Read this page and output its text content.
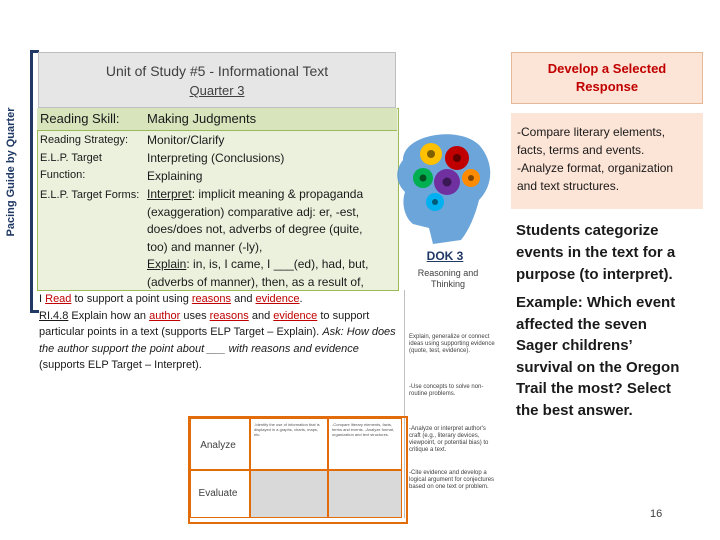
Pacing Guide by Quarter
Unit of Study #5 - Informational Text
Quarter 3
Develop a Selected
Response
Reading Skill: Making Judgments
Reading Strategy: Monitor/Clarify
E.L.P. Target
Function:
Interpreting (Conclusions)
Explaining
E.L.P. Target Forms: Interpret: implicit meaning & propaganda
(exaggeration) comparative adj: er, -est,
does/does not, adverbs of degree (quite,
too) and manner (-ly),
Explain: in, is, I came, I ___(ed), had, but,
(adverbs of manner), then, as a result of,
I Read to support a point using reasons and evidence.
RI.4.8 Explain how an author uses reasons and evidence to support
particular points in a text (supports ELP Target – Explain). Ask: How does
the author support the point about ___ with reasons and evidence
(supports ELP Target – Interpret).
DOK 3
Reasoning and
Thinking
Explain, generalize or connect ideas using supporting evidence (quote, test, evidence).
-Use concepts to solve non-routine problems.
-Analyze or interpret author's craft (e.g., literary devices, viewpoint, or potential bias) to critique a text.
-Cite evidence and develop a logical argument for conjectures based on one text or problem.
-Compare literary elements,
facts, terms and events.
-Analyze format, organization
and text structures.
Students categorize
events in the text for a
purpose (to interpret).
Example: Which event
affected the seven
Sager childrens’
survival on the Oregon
Trail the most? Select
the best answer.
-Identify the use of information that is displayed in a graphs, charts, maps, etc.
-Compare literary elements, facts, terms and events. -Analyze format, organization and text structures.
Analyze
Evaluate
16
